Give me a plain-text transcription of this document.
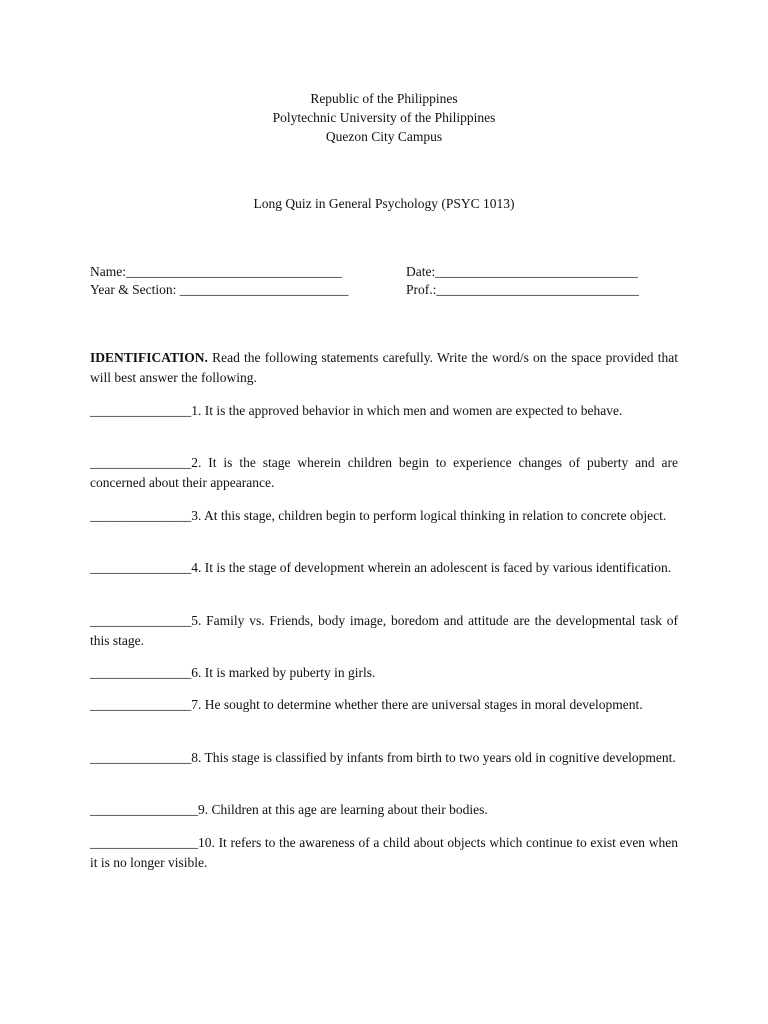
Republic of the Philippines
Polytechnic University of the Philippines
Quezon City Campus
Long Quiz in General Psychology (PSYC 1013)
Name:________________________________	Date:______________________________
Year & Section: _________________________	Prof.:______________________________
IDENTIFICATION. Read the following statements carefully. Write the word/s on the space provided that will best answer the following.
_______________1. It is the approved behavior in which men and women are expected to behave.
_______________2. It is the stage wherein children begin to experience changes of puberty and are concerned about their appearance.
_______________3. At this stage, children begin to perform logical thinking in relation to concrete object.
_______________4. It is the stage of development wherein an adolescent is faced by various identification.
_______________5. Family vs. Friends, body image, boredom and attitude are the developmental task of this stage.
_______________6. It is marked by puberty in girls.
_______________7. He sought to determine whether there are universal stages in moral development.
_______________8. This stage is classified by infants from birth to two years old in cognitive development.
________________9. Children at this age are learning about their bodies.
________________10. It refers to the awareness of a child about objects which continue to exist even when it is no longer visible.
